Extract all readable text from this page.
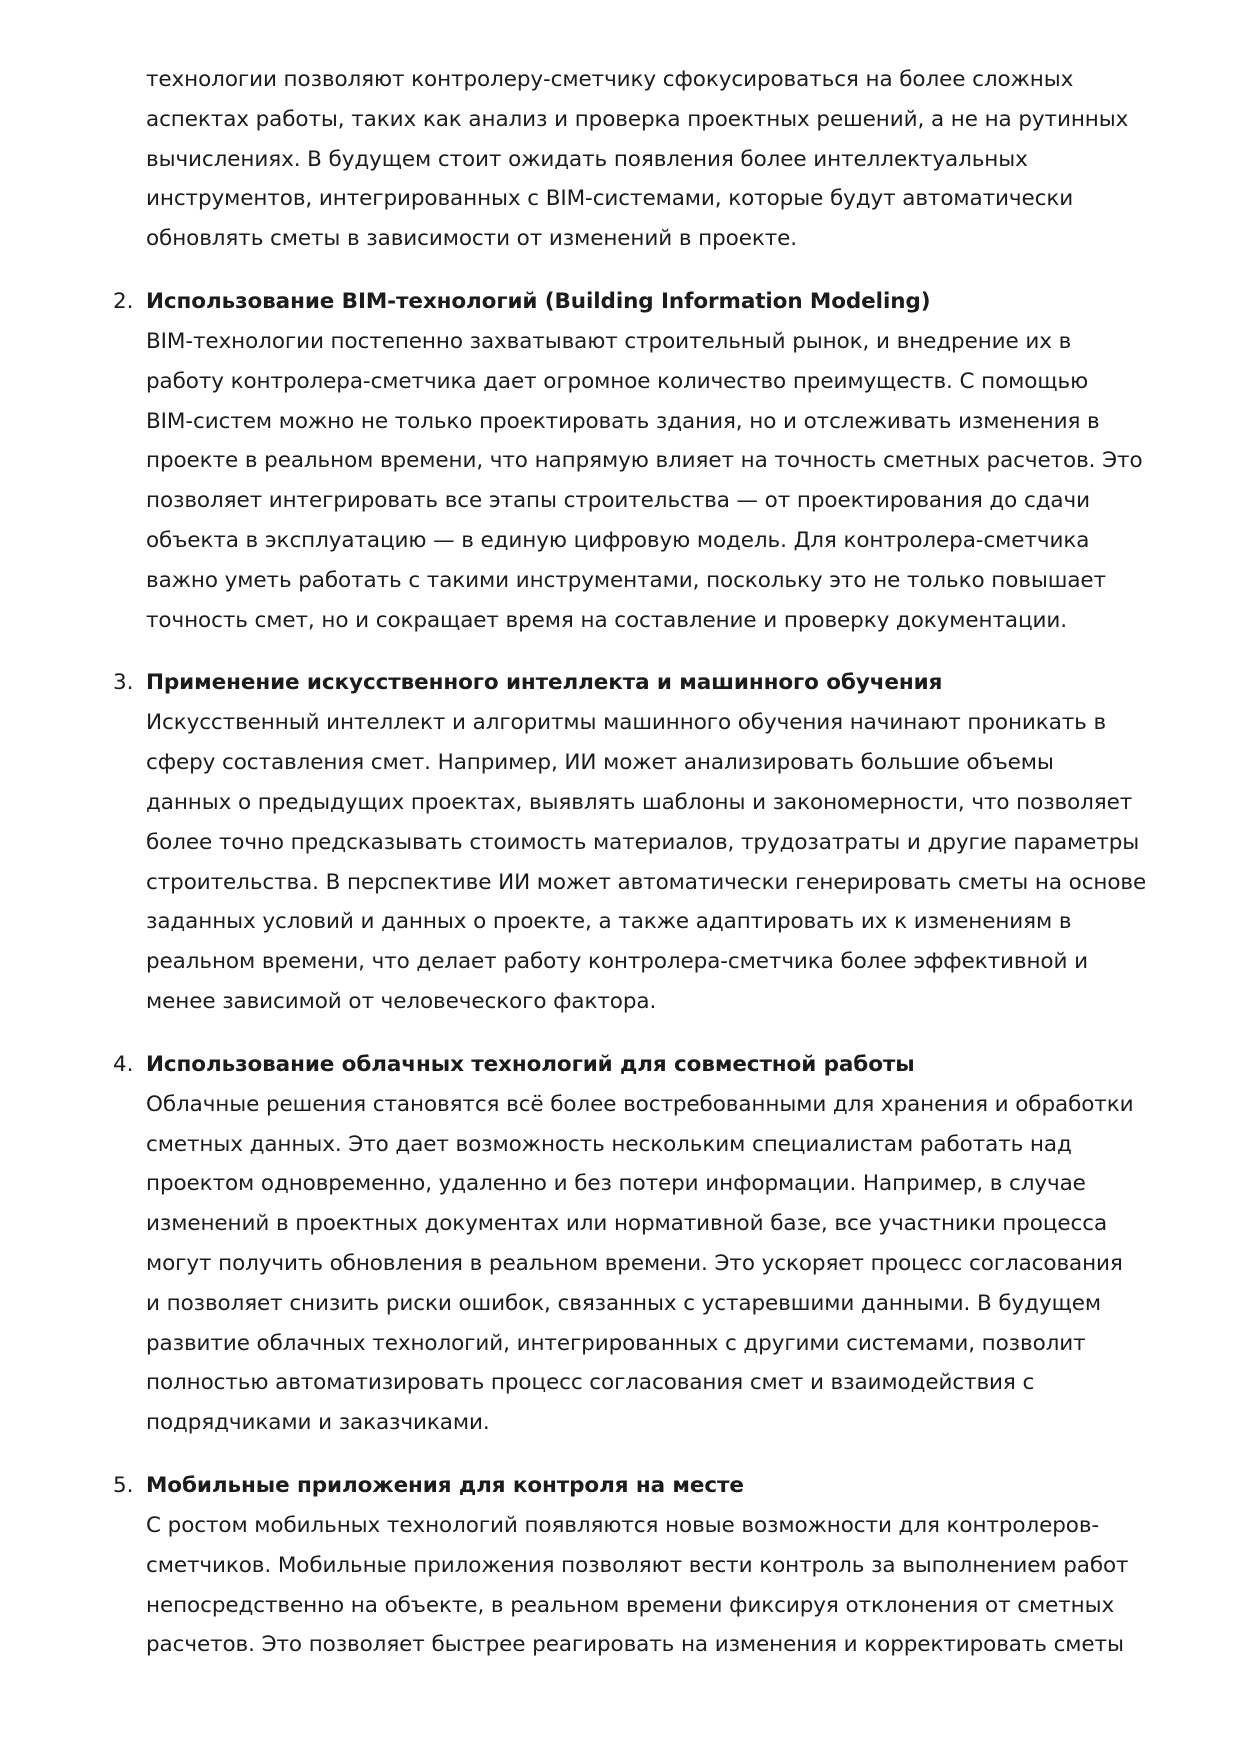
технологии позволяют контролеру-сметчику сфокусироваться на более сложных
аспектах работы, таких как анализ и проверка проектных решений, а не на рутинных
вычислениях. В будущем стоит ожидать появления более интеллектуальных
инструментов, интегрированных с BIM-системами, которые будут автоматически
обновлять сметы в зависимости от изменений в проекте.
2. Использование BIM-технологий (Building Information Modeling)
BIM-технологии постепенно захватывают строительный рынок, и внедрение их в
работу контролера-сметчика дает огромное количество преимуществ. С помощью
BIM-систем можно не только проектировать здания, но и отслеживать изменения в
проекте в реальном времени, что напрямую влияет на точность сметных расчетов. Это
позволяет интегрировать все этапы строительства — от проектирования до сдачи
объекта в эксплуатацию — в единую цифровую модель. Для контролера-сметчика
важно уметь работать с такими инструментами, поскольку это не только повышает
точность смет, но и сокращает время на составление и проверку документации.
3. Применение искусственного интеллекта и машинного обучения
Искусственный интеллект и алгоритмы машинного обучения начинают проникать в
сферу составления смет. Например, ИИ может анализировать большие объемы
данных о предыдущих проектах, выявлять шаблоны и закономерности, что позволяет
более точно предсказывать стоимость материалов, трудозатраты и другие параметры
строительства. В перспективе ИИ может автоматически генерировать сметы на основе
заданных условий и данных о проекте, а также адаптировать их к изменениям в
реальном времени, что делает работу контролера-сметчика более эффективной и
менее зависимой от человеческого фактора.
4. Использование облачных технологий для совместной работы
Облачные решения становятся всё более востребованными для хранения и обработки
сметных данных. Это дает возможность нескольким специалистам работать над
проектом одновременно, удаленно и без потери информации. Например, в случае
изменений в проектных документах или нормативной базе, все участники процесса
могут получить обновления в реальном времени. Это ускоряет процесс согласования
и позволяет снизить риски ошибок, связанных с устаревшими данными. В будущем
развитие облачных технологий, интегрированных с другими системами, позволит
полностью автоматизировать процесс согласования смет и взаимодействия с
подрядчиками и заказчиками.
5. Мобильные приложения для контроля на месте
С ростом мобильных технологий появляются новые возможности для контролеров-
сметчиков. Мобильные приложения позволяют вести контроль за выполнением работ
непосредственно на объекте, в реальном времени фиксируя отклонения от сметных
расчетов. Это позволяет быстрее реагировать на изменения и корректировать сметы
